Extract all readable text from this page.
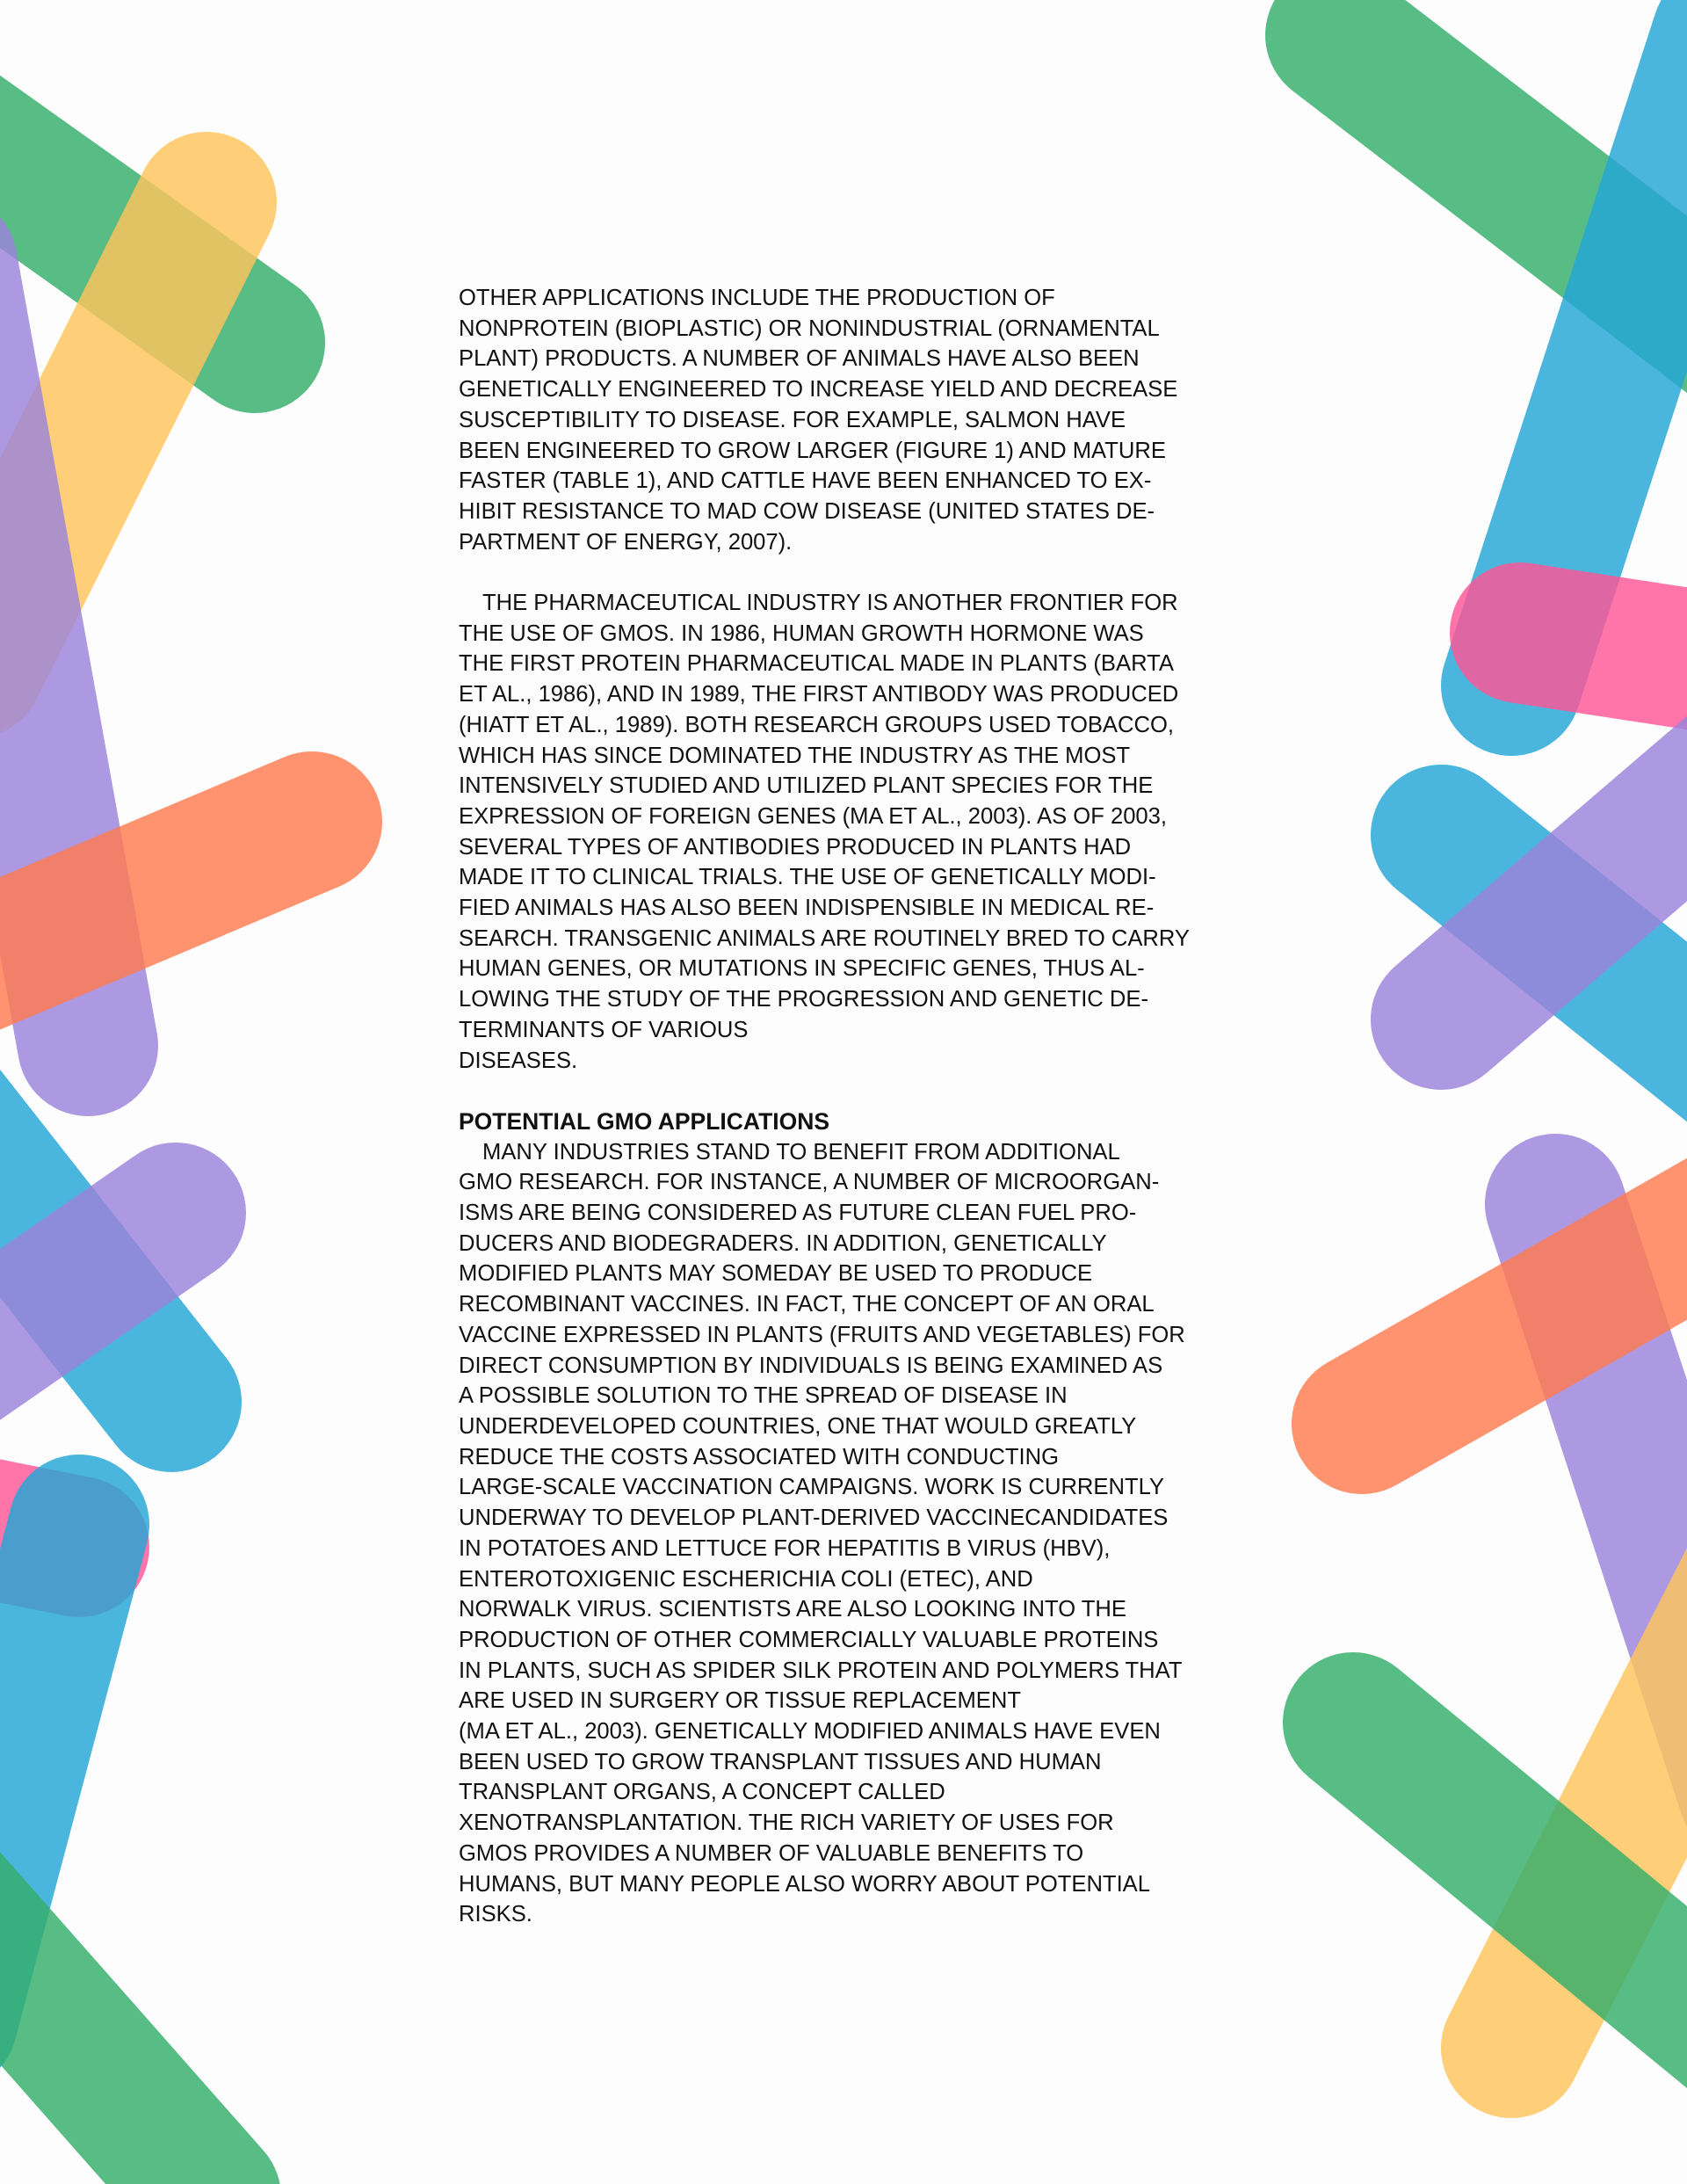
OTHER APPLICATIONS INCLUDE THE PRODUCTION OF
NONPROTEIN (BIOPLASTIC) OR NONINDUSTRIAL (ORNAMENTAL
PLANT) PRODUCTS. A NUMBER OF ANIMALS HAVE ALSO BEEN
GENETICALLY ENGINEERED TO INCREASE YIELD AND DECREASE
SUSCEPTIBILITY TO DISEASE. FOR EXAMPLE, SALMON HAVE
BEEN ENGINEERED TO GROW LARGER (FIGURE 1) AND MATURE
FASTER (TABLE 1), AND CATTLE HAVE BEEN ENHANCED TO EX-
HIBIT RESISTANCE TO MAD COW DISEASE (UNITED STATES DE-
PARTMENT OF ENERGY, 2007).

THE PHARMACEUTICAL INDUSTRY IS ANOTHER FRONTIER FOR
THE USE OF GMOS. IN 1986, HUMAN GROWTH HORMONE WAS
THE FIRST PROTEIN PHARMACEUTICAL MADE IN PLANTS (BARTA
ET AL., 1986), AND IN 1989, THE FIRST ANTIBODY WAS PRODUCED
(HIATT ET AL., 1989). BOTH RESEARCH GROUPS USED TOBACCO,
WHICH HAS SINCE DOMINATED THE INDUSTRY AS THE MOST
INTENSIVELY STUDIED AND UTILIZED PLANT SPECIES FOR THE
EXPRESSION OF FOREIGN GENES (MA ET AL., 2003). AS OF 2003,
SEVERAL TYPES OF ANTIBODIES PRODUCED IN PLANTS HAD
MADE IT TO CLINICAL TRIALS. THE USE OF GENETICALLY MODI-
FIED ANIMALS HAS ALSO BEEN INDISPENSIBLE IN MEDICAL RE-
SEARCH. TRANSGENIC ANIMALS ARE ROUTINELY BRED TO CARRY
HUMAN GENES, OR MUTATIONS IN SPECIFIC GENES, THUS AL-
LOWING THE STUDY OF THE PROGRESSION AND GENETIC DE-
TERMINANTS OF VARIOUS
DISEASES.

POTENTIAL GMO APPLICATIONS

MANY INDUSTRIES STAND TO BENEFIT FROM ADDITIONAL
GMO RESEARCH. FOR INSTANCE, A NUMBER OF MICROORGAN-
ISMS ARE BEING CONSIDERED AS FUTURE CLEAN FUEL PRO-
DUCERS AND BIODEGRADERS. IN ADDITION, GENETICALLY
MODIFIED PLANTS MAY SOMEDAY BE USED TO PRODUCE
RECOMBINANT VACCINES. IN FACT, THE CONCEPT OF AN ORAL
VACCINE EXPRESSED IN PLANTS (FRUITS AND VEGETABLES) FOR
DIRECT CONSUMPTION BY INDIVIDUALS IS BEING EXAMINED AS
A POSSIBLE SOLUTION TO THE SPREAD OF DISEASE IN
UNDERDEVELOPED COUNTRIES, ONE THAT WOULD GREATLY
REDUCE THE COSTS ASSOCIATED WITH CONDUCTING
LARGE-SCALE VACCINATION CAMPAIGNS. WORK IS CURRENTLY
UNDERWAY TO DEVELOP PLANT-DERIVED VACCINECANDIDATES
IN POTATOES AND LETTUCE FOR HEPATITIS B VIRUS (HBV),
ENTEROTOXIGENIC ESCHERICHIA COLI (ETEC), AND
NORWALK VIRUS. SCIENTISTS ARE ALSO LOOKING INTO THE
PRODUCTION OF OTHER COMMERCIALLY VALUABLE PROTEINS
IN PLANTS, SUCH AS SPIDER SILK PROTEIN AND POLYMERS THAT
ARE USED IN SURGERY OR TISSUE REPLACEMENT
(MA ET AL., 2003). GENETICALLY MODIFIED ANIMALS HAVE EVEN
BEEN USED TO GROW TRANSPLANT TISSUES AND HUMAN
TRANSPLANT ORGANS, A CONCEPT CALLED
XENOTRANSPLANTATION. THE RICH VARIETY OF USES FOR
GMOS PROVIDES A NUMBER OF VALUABLE BENEFITS TO
HUMANS, BUT MANY PEOPLE ALSO WORRY ABOUT POTENTIAL
RISKS.
